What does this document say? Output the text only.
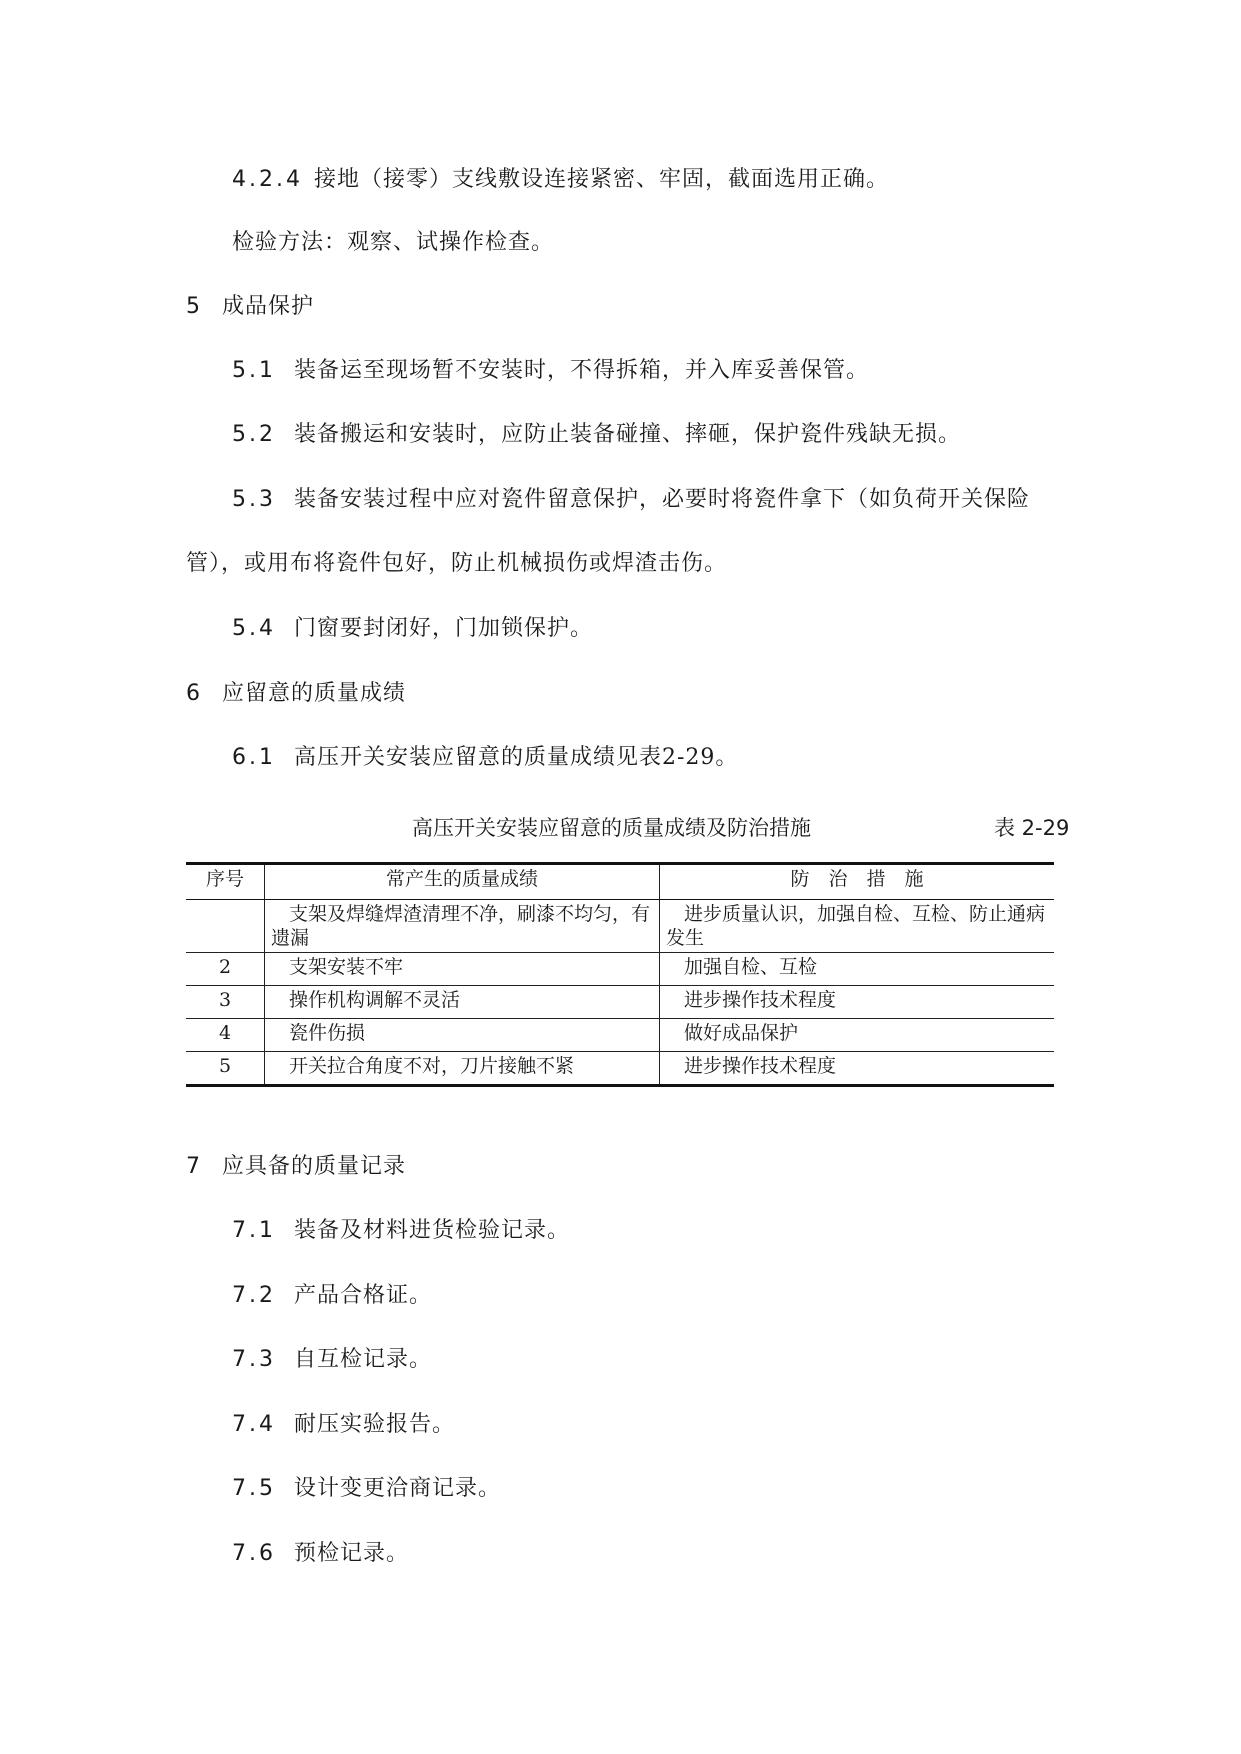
4.2.4 接地（接零）支线敷设连接紧密、牢固，截面选用正确。
检验方法：观察、试操作检查。
5 成品保护
5.1 装备运至现场暂不安装时，不得拆箱，并入库妥善保管。
5.2 装备搬运和安装时，应防止装备碰撞、摔砸，保护瓷件残缺无损。
5.3 装备安装过程中应对瓷件留意保护，必要时将瓷件拿下（如负荷开关保险
管），或用布将瓷件包好，防止机械损伤或焊渣击伤。
5.4 门窗要封闭好，门加锁保护。
6 应留意的质量成绩
6.1 高压开关安装应留意的质量成绩见表2-29。
高压开关安装应留意的质量成绩及防治措施	表 2-29
序号	常产生的质量成绩	防　治　措　施
	支架及焊缝焊渣清理不净，刷漆不均匀，有遗漏	进步质量认识，加强自检、互检、防止通病发生
2	支架安装不牢	加强自检、互检
3	操作机构调解不灵活	进步操作技术程度
4	瓷件伤损	做好成品保护
5	开关拉合角度不对，刀片接触不紧	进步操作技术程度
7 应具备的质量记录
7.1 装备及材料进货检验记录。
7.2 产品合格证。
7.3 自互检记录。
7.4 耐压实验报告。
7.5 设计变更洽商记录。
7.6 预检记录。
